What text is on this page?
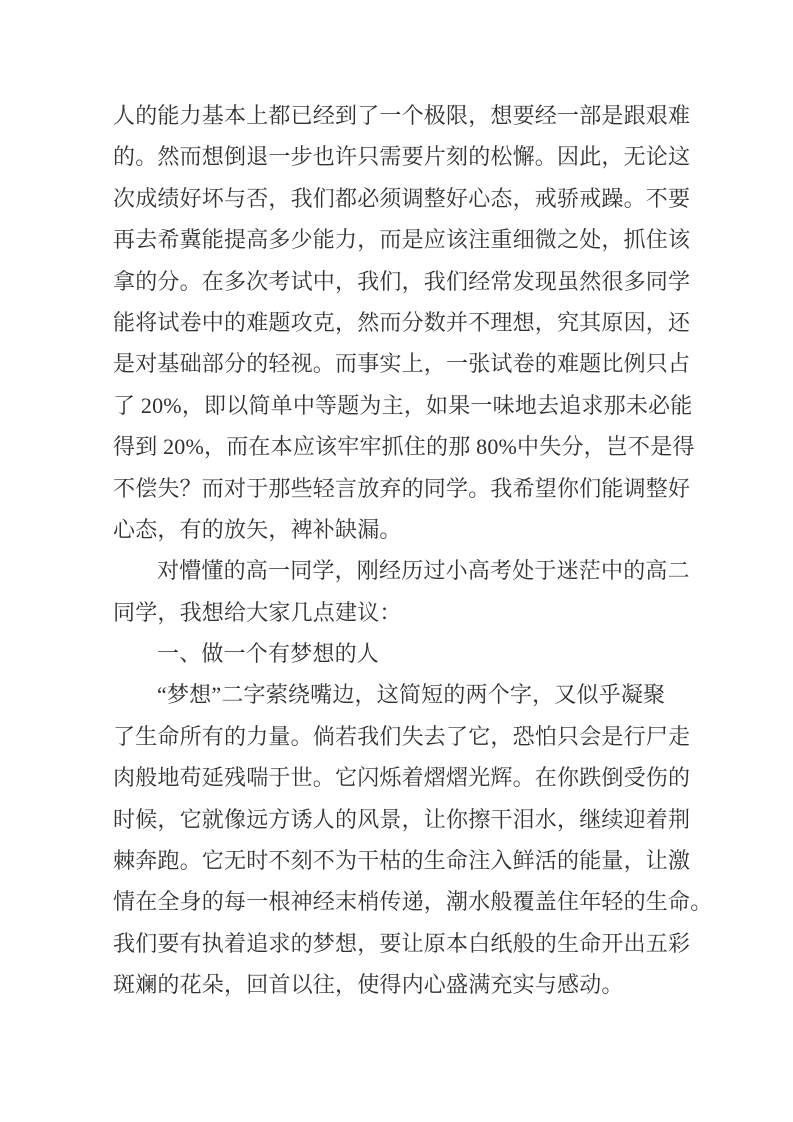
人的能力基本上都已经到了一个极限，想要经一部是跟艰难
的。然而想倒退一步也许只需要片刻的松懈。因此，无论这
次成绩好坏与否，我们都必须调整好心态，戒骄戒躁。不要
再去希冀能提高多少能力，而是应该注重细微之处，抓住该
拿的分。在多次考试中，我们，我们经常发现虽然很多同学
能将试卷中的难题攻克，然而分数并不理想，究其原因，还
是对基础部分的轻视。而事实上，一张试卷的难题比例只占
了 20%，即以简单中等题为主，如果一味地去追求那未必能
得到 20%，而在本应该牢牢抓住的那 80%中失分，岂不是得
不偿失？而对于那些轻言放弃的同学。我希望你们能调整好
心态，有的放矢，裨补缺漏。
对懵懂的高一同学，刚经历过小高考处于迷茫中的高二
同学，我想给大家几点建议：
一、做一个有梦想的人
“梦想”二字萦绕嘴边，这简短的两个字，又似乎凝聚
了生命所有的力量。倘若我们失去了它，恐怕只会是行尸走
肉般地苟延残喘于世。它闪烁着熠熠光辉。在你跌倒受伤的
时候，它就像远方诱人的风景，让你擦干泪水，继续迎着荆
棘奔跑。它无时不刻不为干枯的生命注入鲜活的能量，让激
情在全身的每一根神经末梢传递，潮水般覆盖住年轻的生命。
我们要有执着追求的梦想，要让原本白纸般的生命开出五彩
斑斓的花朵，回首以往，使得内心盛满充实与感动。
